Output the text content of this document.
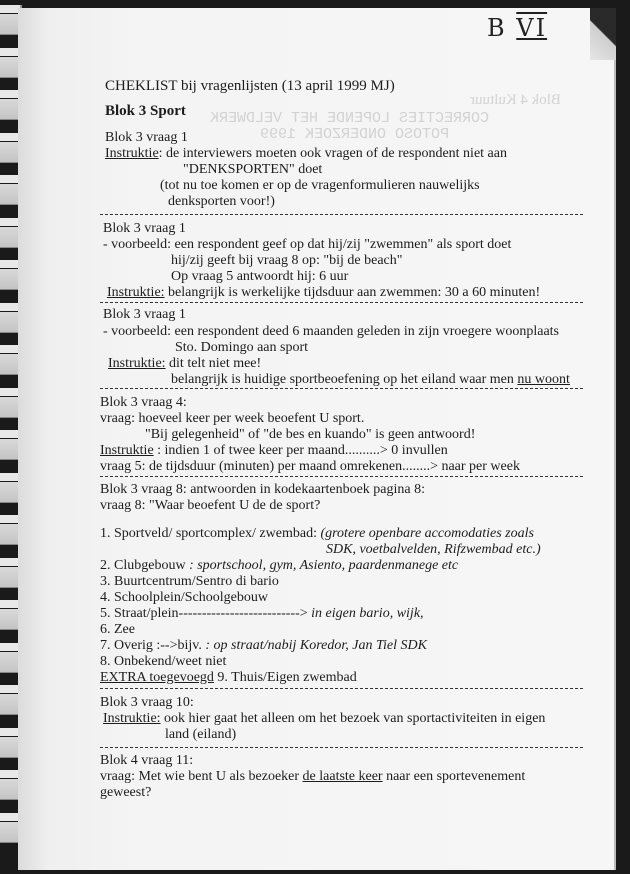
B VI
Blok 4 Kultuur
CORRECTIES LOPENDE HET VELDWERK
POTOSO ONDERZOEK 1999
CHEKLIST bij vragenlijsten (13 april 1999 MJ)
Blok 3 Sport
Blok 3 vraag 1
Instruktie: de interviewers moeten ook vragen of de respondent niet aan
"DENKSPORTEN" doet
(tot nu toe komen er op de vragenformulieren nauwelijks
denksporten voor!)
Blok 3 vraag 1
- voorbeeld: een respondent geef op dat hij/zij "zwemmen" als sport doet
hij/zij geeft bij vraag 8 op: "bij de beach"
Op vraag 5 antwoordt hij: 6 uur
Instruktie: belangrijk is werkelijke tijdsduur aan zwemmen: 30 a 60 minuten!
Blok 3 vraag 1
- voorbeeld: een respondent deed 6 maanden geleden in zijn vroegere woonplaats
Sto. Domingo aan sport
Instruktie: dit telt niet mee!
belangrijk is huidige sportbeoefening op het eiland waar men nu woont
Blok 3 vraag 4:
vraag: hoeveel keer per week beoefent U sport.
"Bij gelegenheid" of "de bes en kuando" is geen antwoord!
Instruktie : indien 1 of twee keer per maand..........> 0 invullen
vraag 5: de tijdsduur (minuten) per maand omrekenen........> naar per week
Blok 3 vraag 8: antwoorden in kodekaartenboek pagina 8:
vraag 8: "Waar beoefent U de de sport?
1. Sportveld/ sportcomplex/ zwembad: (grotere openbare accomodaties zoals
SDK, voetbalvelden, Rifzwembad etc.)
2. Clubgebouw : sportschool, gym, Asiento, paardenmanege etc
3. Buurtcentrum/Sentro di bario
4. Schoolplein/Schoolgebouw
5. Straat/plein--------------------------> in eigen bario, wijk,
6. Zee
7. Overig :-->bijv. : op straat/nabij Koredor, Jan Tiel SDK
8. Onbekend/weet niet
EXTRA toegevoegd 9. Thuis/Eigen zwembad
Blok 3 vraag 10:
Instruktie: ook hier gaat het alleen om het bezoek van sportactiviteiten in eigen
land (eiland)
Blok 4 vraag 11:
vraag: Met wie bent U als bezoeker de laatste keer naar een sportevenement
geweest?
